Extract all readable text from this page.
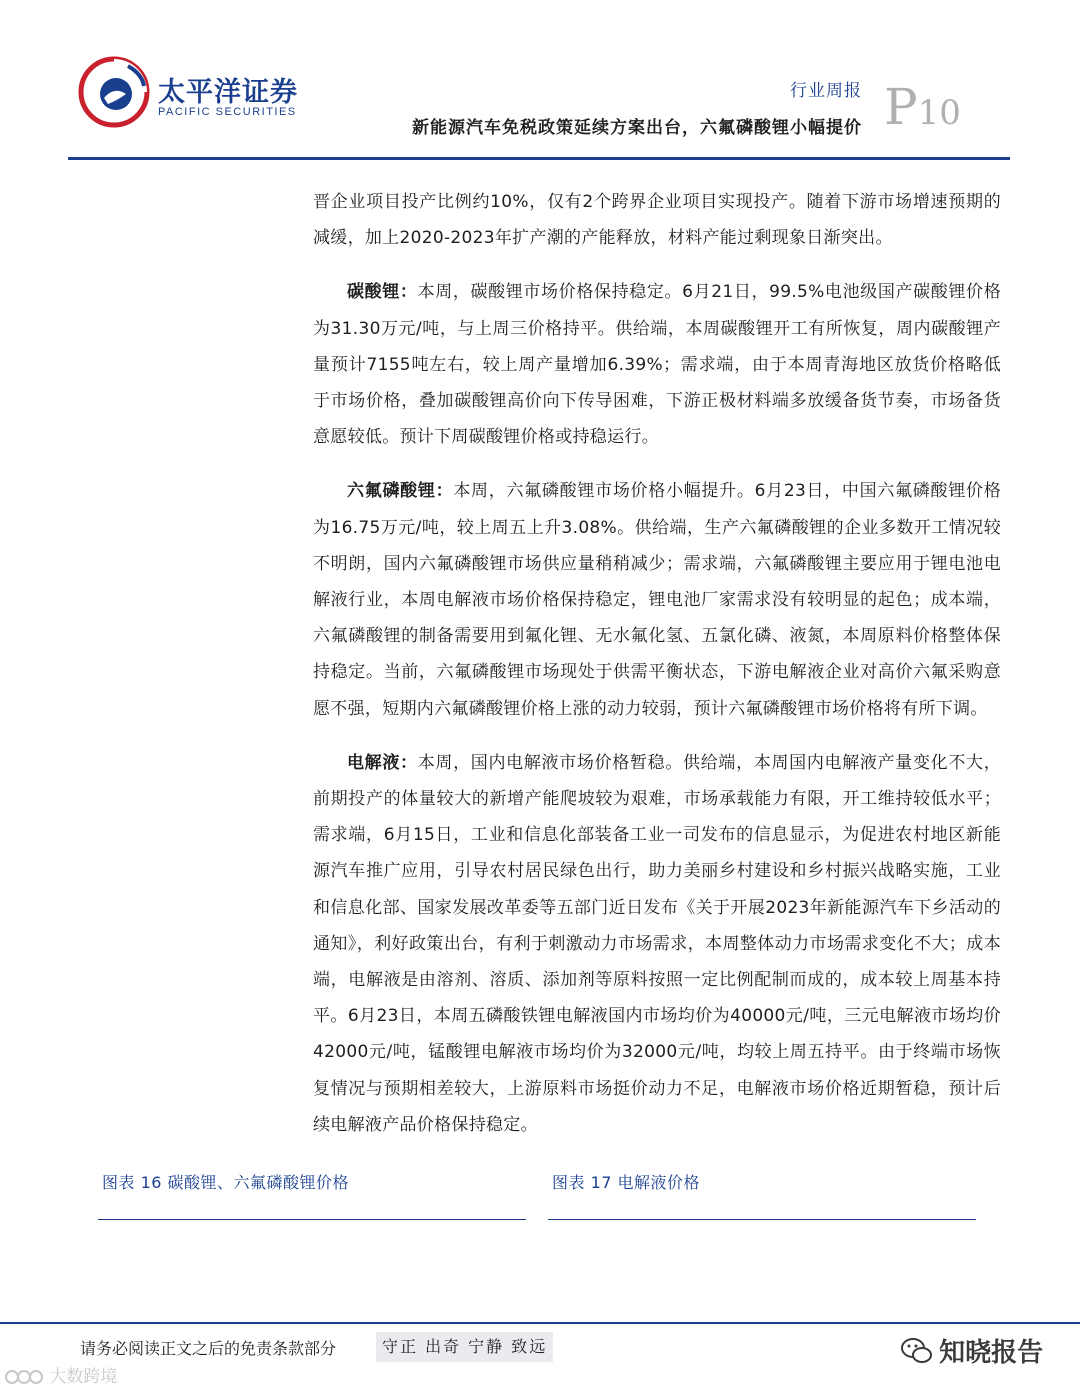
太平洋证券
PACIFIC SECURITIES
行业周报
新能源汽车免税政策延续方案出台，六氟磷酸锂小幅提价 P10

晋企业项目投产比例约10%，仅有2个跨界企业项目实现投产。随着下游市场增速预期的减缓，加上2020-2023年扩产潮的产能释放，材料产能过剩现象日渐突出。

碳酸锂：本周，碳酸锂市场价格保持稳定。6月21日，99.5%电池级国产碳酸锂价格为31.30万元/吨，与上周三价格持平。供给端，本周碳酸锂开工有所恢复，周内碳酸锂产量预计7155吨左右，较上周产量增加6.39%；需求端，由于本周青海地区放货价格略低于市场价格，叠加碳酸锂高价向下传导困难，下游正极材料端多放缓备货节奏，市场备货意愿较低。预计下周碳酸锂价格或持稳运行。

六氟磷酸锂：本周，六氟磷酸锂市场价格小幅提升。6月23日，中国六氟磷酸锂价格为16.75万元/吨，较上周五上升3.08%。供给端，生产六氟磷酸锂的企业多数开工情况较不明朗，国内六氟磷酸锂市场供应量稍稍减少；需求端，六氟磷酸锂主要应用于锂电池电解液行业，本周电解液市场价格保持稳定，锂电池厂家需求没有较明显的起色；成本端，六氟磷酸锂的制备需要用到氟化锂、无水氟化氢、五氯化磷、液氮，本周原料价格整体保持稳定。当前，六氟磷酸锂市场现处于供需平衡状态，下游电解液企业对高价六氟采购意愿不强，短期内六氟磷酸锂价格上涨的动力较弱，预计六氟磷酸锂市场价格将有所下调。

电解液：本周，国内电解液市场价格暂稳。供给端，本周国内电解液产量变化不大，前期投产的体量较大的新增产能爬坡较为艰难，市场承载能力有限，开工维持较低水平；需求端，6月15日，工业和信息化部装备工业一司发布的信息显示，为促进农村地区新能源汽车推广应用，引导农村居民绿色出行，助力美丽乡村建设和乡村振兴战略实施，工业和信息化部、国家发展改革委等五部门近日发布《关于开展2023年新能源汽车下乡活动的通知》，利好政策出台，有利于刺激动力市场需求，本周整体动力市场需求变化不大；成本端，电解液是由溶剂、溶质、添加剂等原料按照一定比例配制而成的，成本较上周基本持平。6月23日，本周五磷酸铁锂电解液国内市场均价为40000元/吨，三元电解液市场均价42000元/吨，锰酸锂电解液市场均价为32000元/吨，均较上周五持平。由于终端市场恢复情况与预期相差较大，上游原料市场挺价动力不足，电解液市场价格近期暂稳，预计后续电解液产品价格保持稳定。

图表 16 碳酸锂、六氟磷酸锂价格	图表 17 电解液价格
请务必阅读正文之后的免责条款部分	守正 出奇 宁静 致远
大数跨境
知晓报告
